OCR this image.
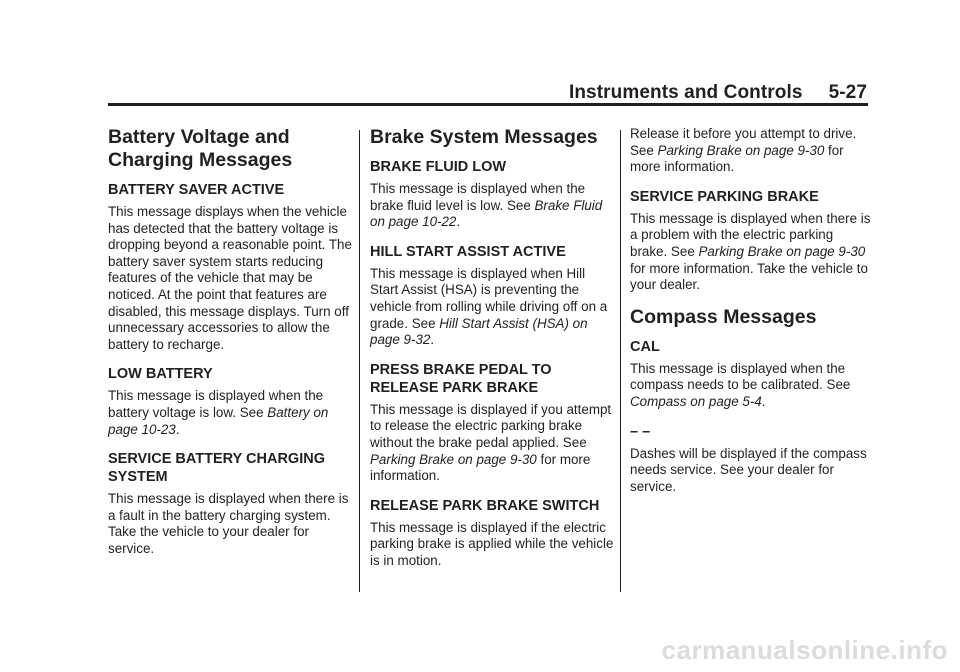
Instruments and Controls 5-27
Battery Voltage and Charging Messages
BATTERY SAVER ACTIVE

This message displays when the vehicle has detected that the battery voltage is dropping beyond a reasonable point. The battery saver system starts reducing features of the vehicle that may be noticed. At the point that features are disabled, this message displays. Turn off unnecessary accessories to allow the battery to recharge.

LOW BATTERY

This message is displayed when the battery voltage is low. See Battery on page 10-23.

SERVICE BATTERY CHARGING SYSTEM

This message is displayed when there is a fault in the battery charging system. Take the vehicle to your dealer for service.

Brake System Messages
BRAKE FLUID LOW

This message is displayed when the brake fluid level is low. See Brake Fluid on page 10-22.

HILL START ASSIST ACTIVE

This message is displayed when Hill Start Assist (HSA) is preventing the vehicle from rolling while driving off on a grade. See Hill Start Assist (HSA) on page 9-32.

PRESS BRAKE PEDAL TO RELEASE PARK BRAKE

This message is displayed if you attempt to release the electric parking brake without the brake pedal applied. See Parking Brake on page 9-30 for more information.

RELEASE PARK BRAKE SWITCH

This message is displayed if the electric parking brake is applied while the vehicle is in motion.

Release it before you attempt to drive. See Parking Brake on page 9-30 for more information.

SERVICE PARKING BRAKE

This message is displayed when there is a problem with the electric parking brake. See Parking Brake on page 9-30 for more information. Take the vehicle to your dealer.

Compass Messages
CAL

This message is displayed when the compass needs to be calibrated. See Compass on page 5-4.

– –

Dashes will be displayed if the compass needs service. See your dealer for service.

carmanualsonline.info
